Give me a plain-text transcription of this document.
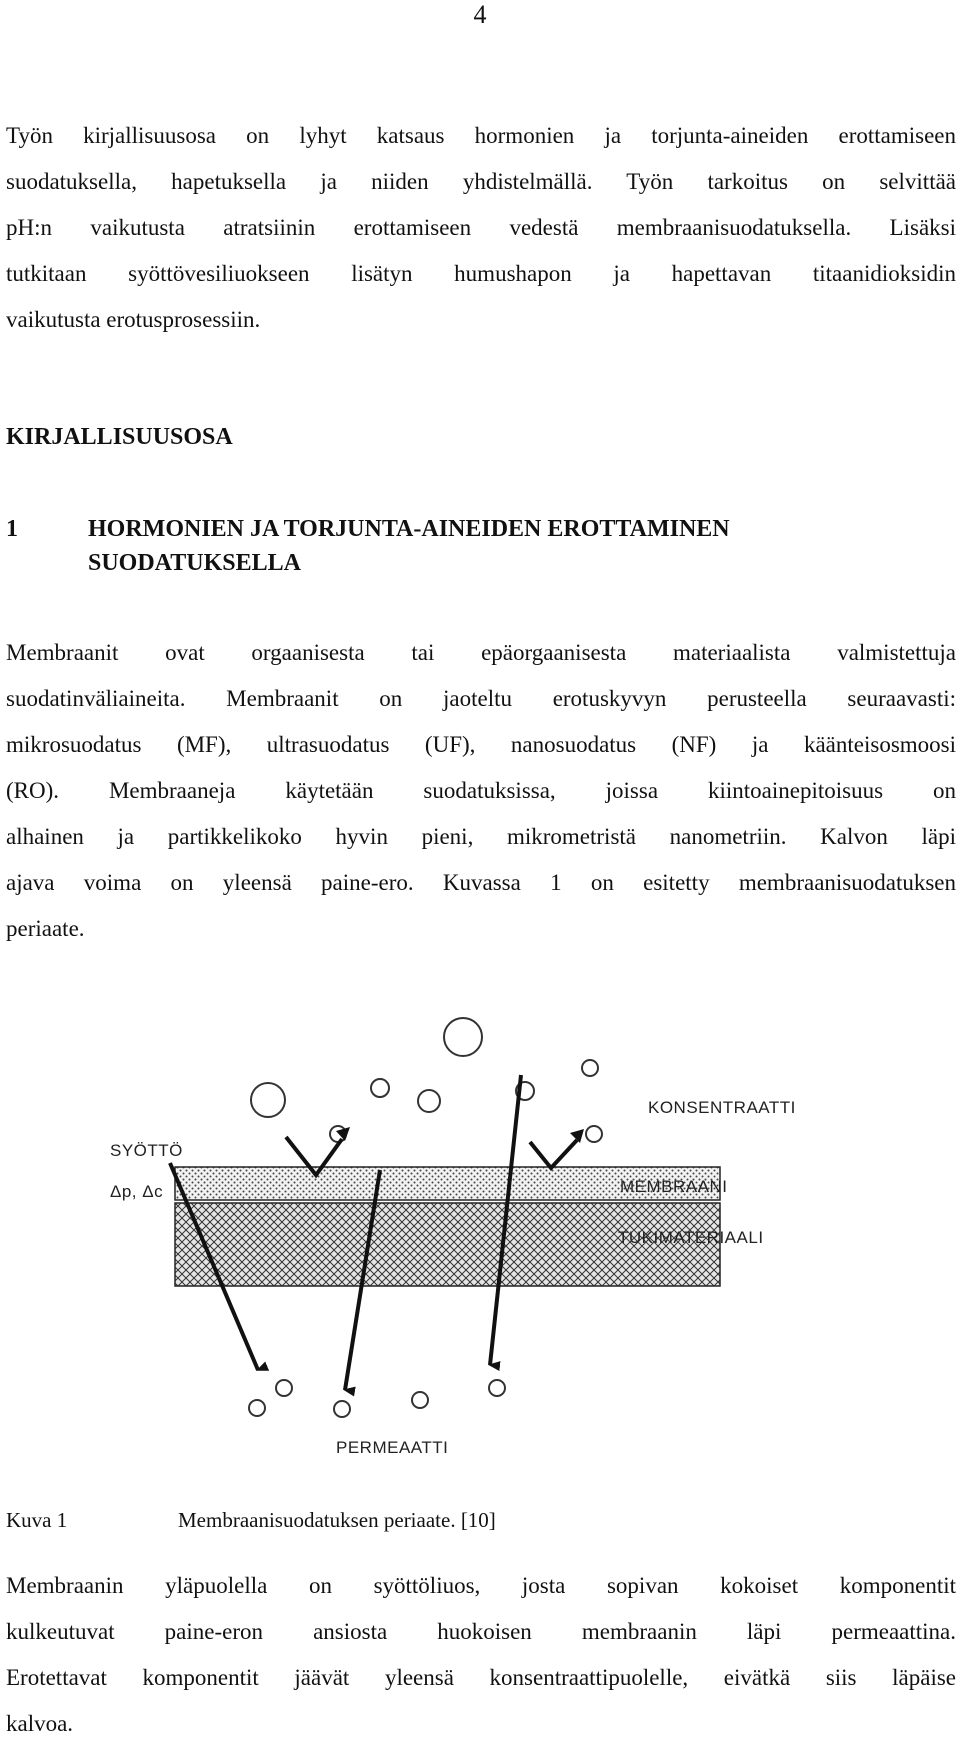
4
Työn kirjallisuusosa on lyhyt katsaus hormonien ja torjunta-aineiden erottamiseen
suodatuksella, hapetuksella ja niiden yhdistelmällä. Työn tarkoitus on selvittää
pH:n vaikutusta atratsiinin erottamiseen vedestä membraanisuodatuksella. Lisäksi
tutkitaan syöttövesiliuokseen lisätyn humushapon ja hapettavan titaanidioksidin
vaikutusta erotusprosessiin.
KIRJALLISUUSOSA
1	HORMONIEN JA TORJUNTA-AINEIDEN EROTTAMINEN
SUODATUKSELLA
Membraanit ovat orgaanisesta tai epäorgaanisesta materiaalista valmistettuja
suodatinväliaineita. Membraanit on jaoteltu erotuskyvyn perusteella seuraavasti:
mikrosuodatus (MF), ultrasuodatus (UF), nanosuodatus (NF) ja käänteisosmoosi
(RO). Membraaneja käytetään suodatuksissa, joissa kiintoainepitoisuus on
alhainen ja partikkelikoko hyvin pieni, mikrometristä nanometriin. Kalvon läpi
ajava voima on yleensä paine-ero. Kuvassa 1 on esitetty membraanisuodatuksen
periaate.
SYÖTTÖ
Δp, Δc
KONSENTRAATTI
MEMBRAANI
TUKIMATERIAALI
PERMEAATTI
Kuva 1	Membraanisuodatuksen periaate. [10]
Membraanin yläpuolella on syöttöliuos, josta sopivan kokoiset komponentit
kulkeutuvat paine-eron ansiosta huokoisen membraanin läpi permeaattina.
Erotettavat komponentit jäävät yleensä konsentraattipuolelle, eivätkä siis läpäise
kalvoa.
